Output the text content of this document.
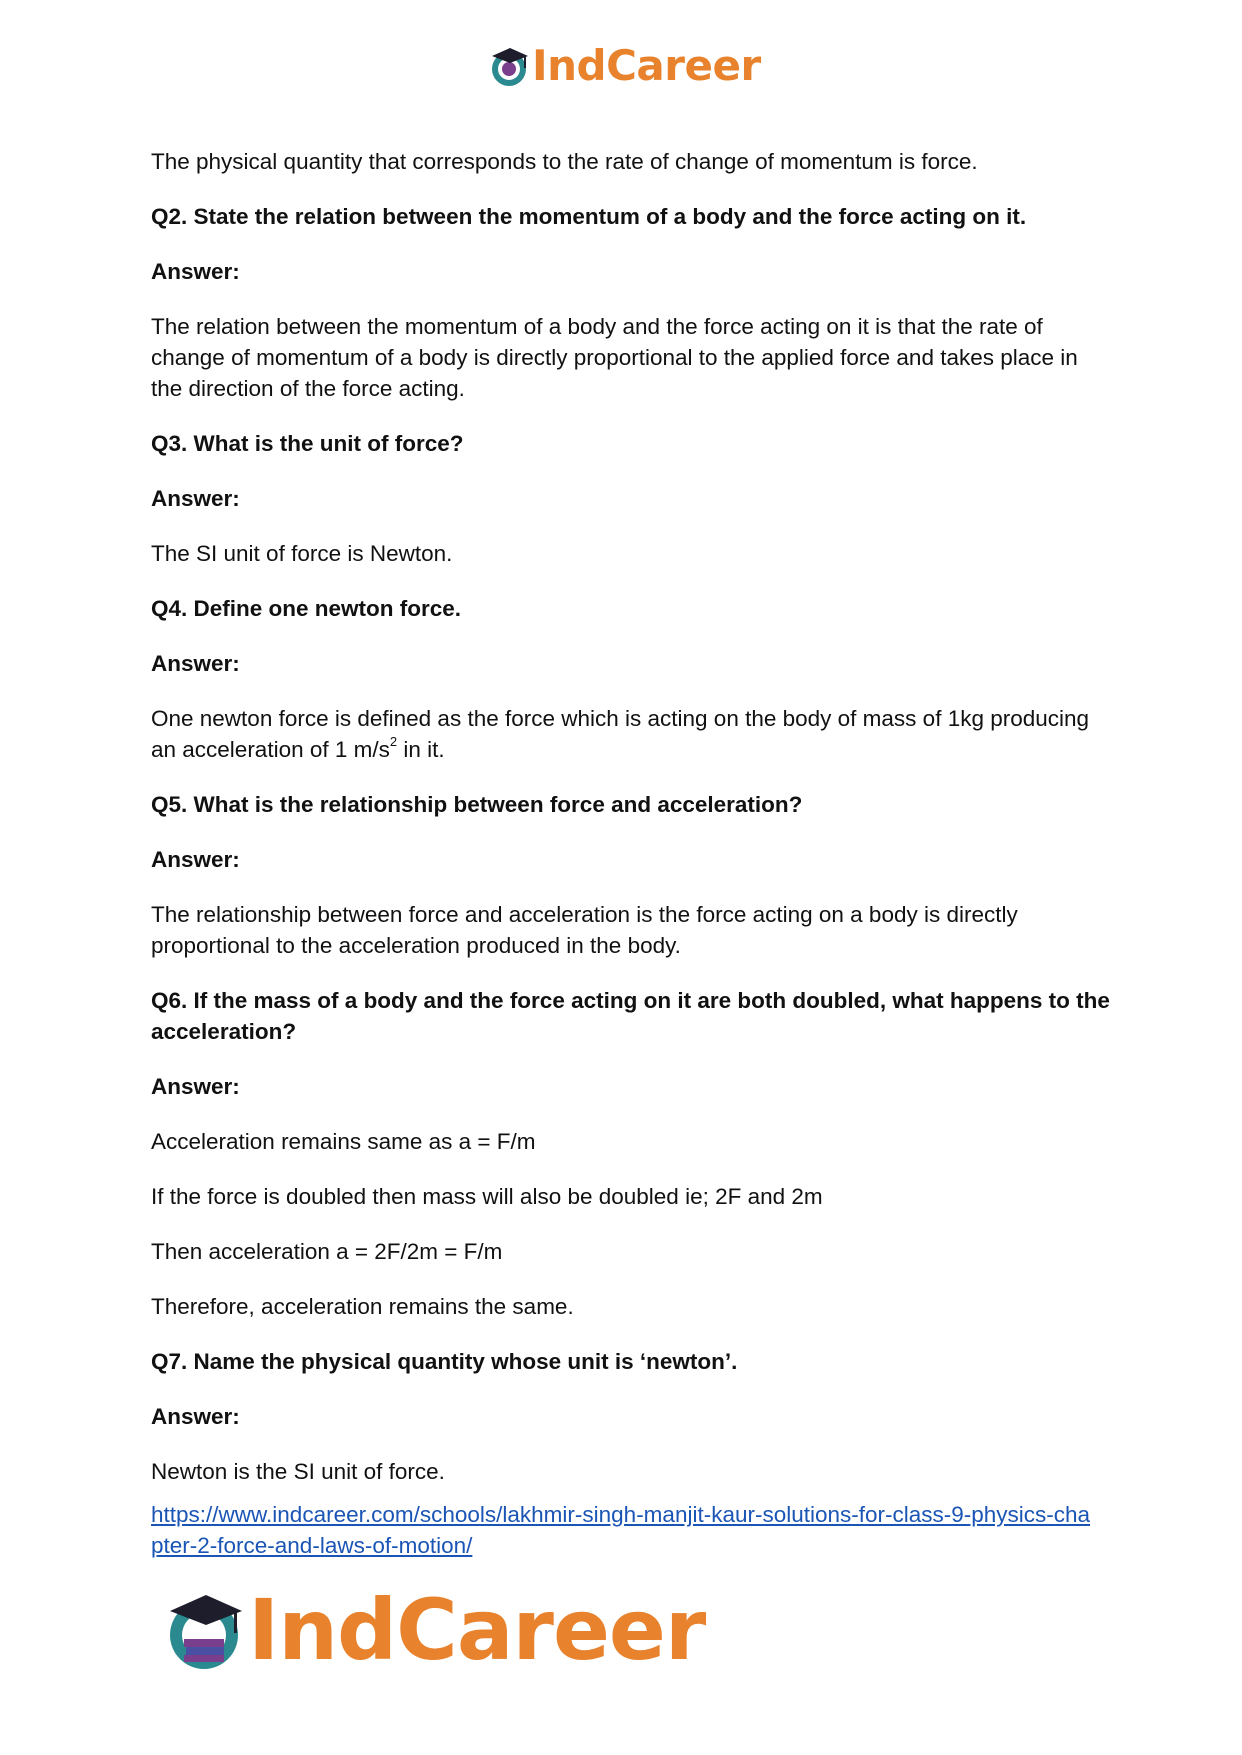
IndCareer

The physical quantity that corresponds to the rate of change of momentum is force.

Q2. State the relation between the momentum of a body and the force acting on it.

Answer:

The relation between the momentum of a body and the force acting on it is that the rate of change of momentum of a body is directly proportional to the applied force and takes place in the direction of the force acting.

Q3. What is the unit of force?

Answer:

The SI unit of force is Newton.

Q4. Define one newton force.

Answer:

One newton force is defined as the force which is acting on the body of mass of 1kg producing an acceleration of 1 $m/s^2$ in it.

Q5. What is the relationship between force and acceleration?

Answer:

The relationship between force and acceleration is the force acting on a body is directly proportional to the acceleration produced in the body.

Q6. If the mass of a body and the force acting on it are both doubled, what happens to the acceleration?

Answer:

Acceleration remains same as a = F/m

If the force is doubled then mass will also be doubled ie; 2F and 2m

Then acceleration a = 2F/2m = F/m

Therefore, acceleration remains the same.

Q7. Name the physical quantity whose unit is ‘newton’.

Answer:

Newton is the SI unit of force.

https://www.indcareer.com/schools/lakhmir-singh-manjit-kaur-solutions-for-class-9-physics-chapter-2-force-and-laws-of-motion/
IndCareer
